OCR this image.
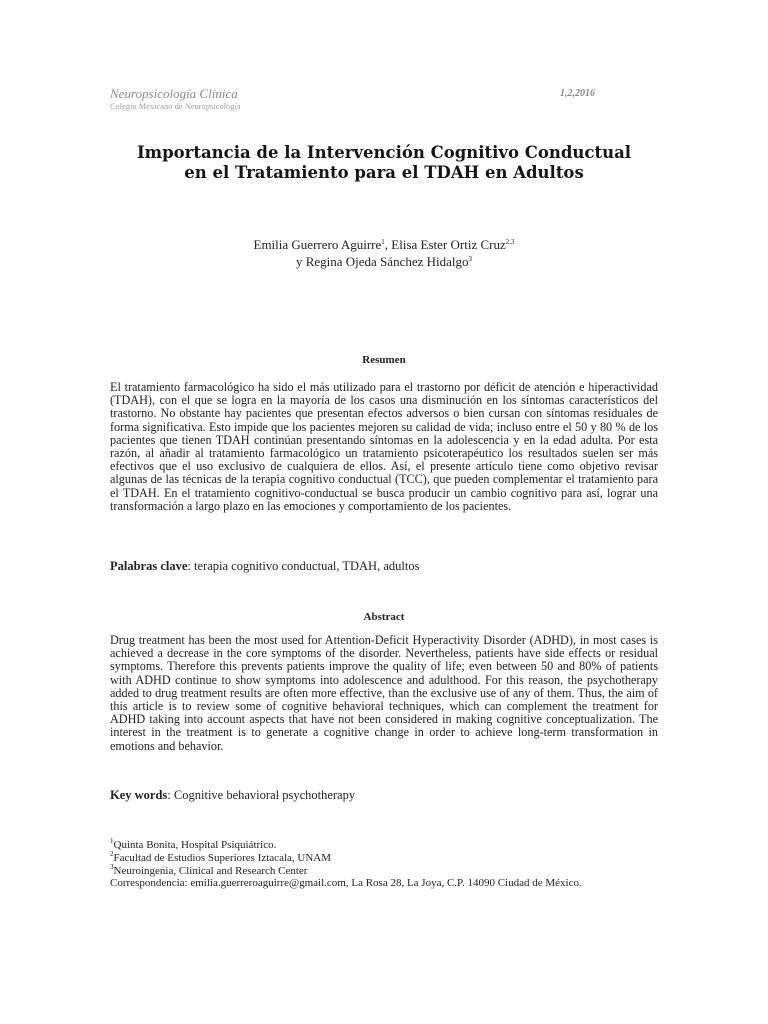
Neuropsicología Clínica
Colegio Mexicano de Neuropsicología
1,2,2016
Importancia de la Intervención Cognitivo Conductual
en el Tratamiento para el TDAH en Adultos
Emilia Guerrero Aguirre$^1$, Elisa Ester Ortiz Cruz$^{2,3}$
y Regina Ojeda Sánchez Hidalgo$^3$
Resumen
El tratamiento farmacológico ha sido el más utilizado para el trastorno por déficit de atención e hiperactividad (TDAH), con el que se logra en la mayoría de los casos una disminución en los síntomas característicos del trastorno. No obstante hay pacientes que presentan efectos adversos o bien cursan con síntomas residuales de forma significativa. Esto impide que los pacientes mejoren su calidad de vida; incluso entre el 50 y 80 % de los pacientes que tienen TDAH continúan presentando síntomas en la adolescencia y en la edad adulta. Por esta razón, al añadir al tratamiento farmacológico un tratamiento psicoterapéutico los resultados suelen ser más efectivos que el uso exclusivo de cualquiera de ellos. Así, el presente artículo tiene como objetivo revisar algunas de las técnicas de la terapia cognitivo conductual (TCC), que pueden complementar el tratamiento para el TDAH. En el tratamiento cognitivo-conductual se busca producir un cambio cognitivo para así, lograr una transformación a largo plazo en las emociones y comportamiento de los pacientes.
Palabras clave: terapia cognitivo conductual, TDAH, adultos
Abstract
Drug treatment has been the most used for Attention-Deficit Hyperactivity Disorder (ADHD), in most cases is achieved a decrease in the core symptoms of the disorder. Nevertheless, patients have side effects or residual symptoms. Therefore this prevents patients improve the quality of life; even between 50 and 80% of patients with ADHD continue to show symptoms into adolescence and adulthood. For this reason, the psychotherapy added to drug treatment results are often more effective, than the exclusive use of any of them. Thus, the aim of this article is to review some of cognitive behavioral techniques, which can complement the treatment for ADHD taking into account aspects that have not been considered in making cognitive conceptualization. The interest in the treatment is to generate a cognitive change in order to achieve long-term transformation in emotions and behavior.
Key words: Cognitive behavioral psychotherapy
$^1$Quinta Bonita, Hospital Psiquiátrico.
$^2$Facultad de Estudios Superiores Iztacala, UNAM
$^3$Neuroingenia, Clinical and Research Center
Correspondencia: emilia.guerreroaguirre@gmail.com, La Rosa 28, La Joya, C.P. 14090 Ciudad de México.
